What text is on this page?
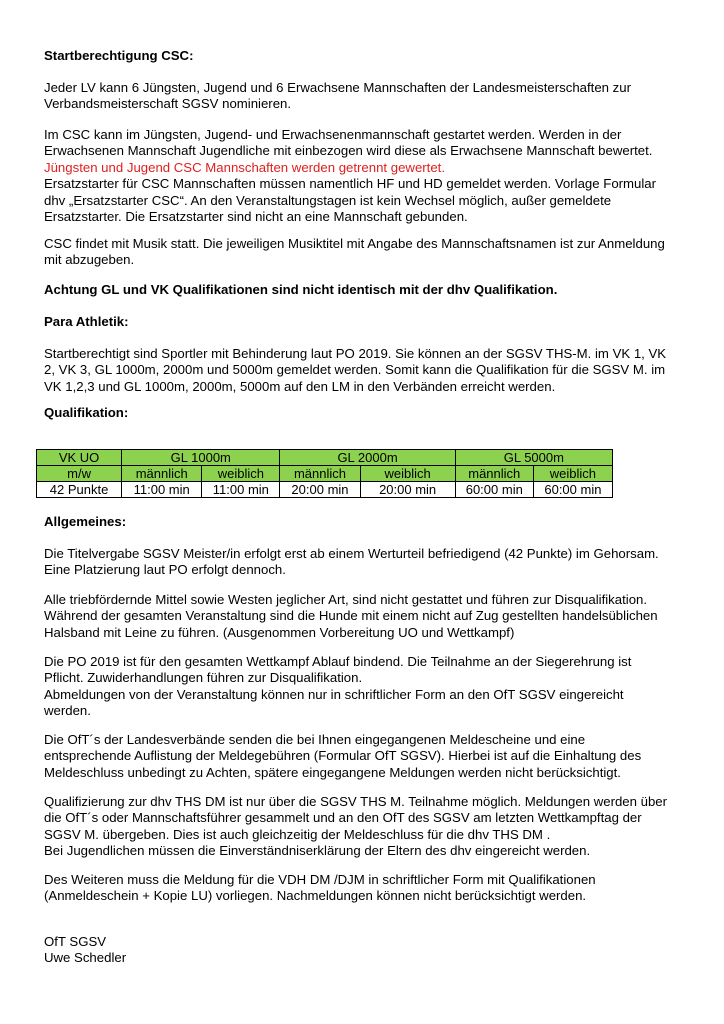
Startberechtigung CSC:
Jeder LV kann 6 Jüngsten, Jugend und 6 Erwachsene Mannschaften der Landesmeisterschaften zur
Verbandsmeisterschaft SGSV nominieren.
Im CSC kann im Jüngsten, Jugend- und Erwachsenenmannschaft gestartet werden. Werden in der
Erwachsenen Mannschaft Jugendliche mit einbezogen wird diese als Erwachsene Mannschaft bewertet.
Jüngsten und Jugend CSC Mannschaften werden getrennt gewertet.
Ersatzstarter für CSC Mannschaften müssen namentlich HF und HD gemeldet werden. Vorlage Formular
dhv „Ersatzstarter CSC“. An den Veranstaltungstagen ist kein Wechsel möglich, außer gemeldete
Ersatzstarter. Die Ersatzstarter sind nicht an eine Mannschaft gebunden.
CSC findet mit Musik statt. Die jeweiligen Musiktitel mit Angabe des Mannschaftsnamen ist zur Anmeldung
mit abzugeben.
Achtung GL und VK Qualifikationen sind nicht identisch mit der dhv Qualifikation.
Para Athletik:
Startberechtigt sind Sportler mit Behinderung laut PO 2019. Sie können an der SGSV THS-M. im VK 1, VK
2, VK 3, GL 1000m, 2000m und 5000m gemeldet werden. Somit kann die Qualifikation für die SGSV M. im
VK 1,2,3 und GL 1000m, 2000m, 5000m auf den LM in den Verbänden erreicht werden.
Qualifikation:
VK UO	GL 1000m		GL 2000m		GL 5000m	
m/w	männlich	weiblich	männlich	weiblich	männlich	weiblich
42 Punkte	11:00 min	11:00 min	20:00 min	20:00 min	60:00 min	60:00 min
Allgemeines:
Die Titelvergabe SGSV Meister/in erfolgt erst ab einem Werturteil befriedigend (42 Punkte) im Gehorsam.
Eine Platzierung laut PO erfolgt dennoch.
Alle triebfördernde Mittel sowie Westen jeglicher Art, sind nicht gestattet und führen zur Disqualifikation.
Während der gesamten Veranstaltung sind die Hunde mit einem nicht auf Zug gestellten handelsüblichen
Halsband mit Leine zu führen. (Ausgenommen Vorbereitung UO und Wettkampf)
Die PO 2019 ist für den gesamten Wettkampf Ablauf bindend. Die Teilnahme an der Siegerehrung ist
Pflicht. Zuwiderhandlungen führen zur Disqualifikation.
Abmeldungen von der Veranstaltung können nur in schriftlicher Form an den OfT SGSV eingereicht
werden.
Die OfT´s der Landesverbände senden die bei Ihnen eingegangenen Meldescheine und eine
entsprechende Auflistung der Meldegebühren (Formular OfT SGSV). Hierbei ist auf die Einhaltung des
Meldeschluss unbedingt zu Achten, spätere eingegangene Meldungen werden nicht berücksichtigt.
Qualifizierung zur dhv THS DM ist nur über die SGSV THS M. Teilnahme möglich. Meldungen werden über
die OfT´s oder Mannschaftsführer gesammelt und an den OfT des SGSV am letzten Wettkampftag der
SGSV M. übergeben. Dies ist auch gleichzeitig der Meldeschluss für die dhv THS DM .
Bei Jugendlichen müssen die Einverständniserklärung der Eltern des dhv eingereicht werden.
Des Weiteren muss die Meldung für die VDH DM /DJM in schriftlicher Form mit Qualifikationen
(Anmeldeschein + Kopie LU) vorliegen. Nachmeldungen können nicht berücksichtigt werden.
OfT SGSV
Uwe Schedler
